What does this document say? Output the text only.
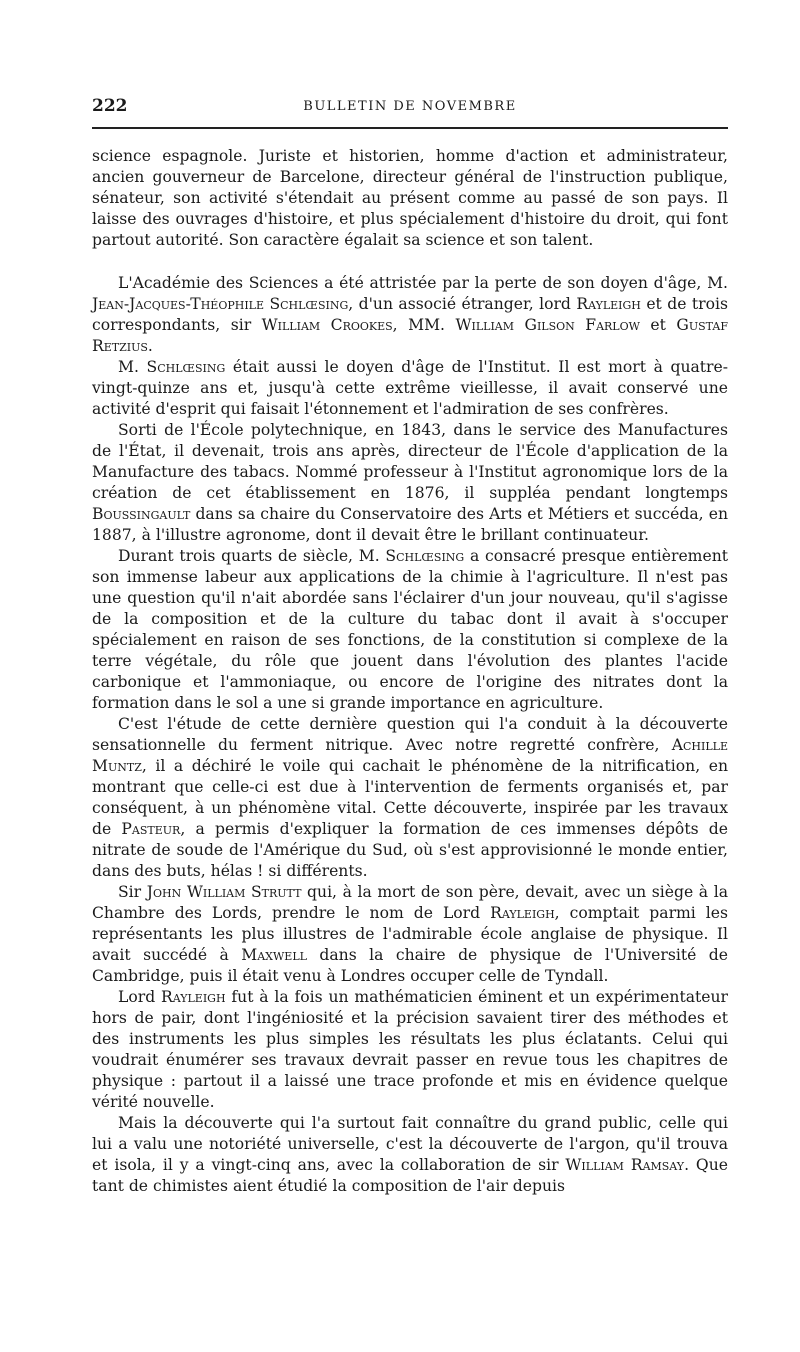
222	BULLETIN DE NOVEMBRE

science espagnole. Juriste et historien, homme d'action et administrateur, ancien gouverneur de Barcelone, directeur général de l'instruction publique, sénateur, son activité s'étendait au présent comme au passé de son pays. Il laisse des ouvrages d'histoire, et plus spécialement d'histoire du droit, qui font partout autorité. Son caractère égalait sa science et son talent.

L'Académie des Sciences a été attristée par la perte de son doyen d'âge, M. Jean-Jacques-Théophile Schlœsing, d'un associé étranger, lord Rayleigh et de trois correspondants, sir William Crookes, MM. William Gilson Farlow et Gustaf Retzius.

M. Schlœsing était aussi le doyen d'âge de l'Institut. Il est mort à quatre-vingt-quinze ans et, jusqu'à cette extrême vieillesse, il avait conservé une activité d'esprit qui faisait l'étonnement et l'admiration de ses confrères.

Sorti de l'École polytechnique, en 1843, dans le service des Manufactures de l'État, il devenait, trois ans après, directeur de l'École d'application de la Manufacture des tabacs. Nommé professeur à l'Institut agronomique lors de la création de cet établissement en 1876, il suppléa pendant longtemps Boussingault dans sa chaire du Conservatoire des Arts et Métiers et succéda, en 1887, à l'illustre agronome, dont il devait être le brillant continuateur.

Durant trois quarts de siècle, M. Schlœsing a consacré presque entièrement son immense labeur aux applications de la chimie à l'agriculture. Il n'est pas une question qu'il n'ait abordée sans l'éclairer d'un jour nouveau, qu'il s'agisse de la composition et de la culture du tabac dont il avait à s'occuper spécialement en raison de ses fonctions, de la constitution si complexe de la terre végétale, du rôle que jouent dans l'évolution des plantes l'acide carbonique et l'ammoniaque, ou encore de l'origine des nitrates dont la formation dans le sol a une si grande importance en agriculture.

C'est l'étude de cette dernière question qui l'a conduit à la découverte sensationnelle du ferment nitrique. Avec notre regretté confrère, Achille Muntz, il a déchiré le voile qui cachait le phénomène de la nitrification, en montrant que celle-ci est due à l'intervention de ferments organisés et, par conséquent, à un phénomène vital. Cette découverte, inspirée par les travaux de Pasteur, a permis d'expliquer la formation de ces immenses dépôts de nitrate de soude de l'Amérique du Sud, où s'est approvisionné le monde entier, dans des buts, hélas ! si différents.

Sir John William Strutt qui, à la mort de son père, devait, avec un siège à la Chambre des Lords, prendre le nom de Lord Rayleigh, comptait parmi les représentants les plus illustres de l'admirable école anglaise de physique. Il avait succédé à Maxwell dans la chaire de physique de l'Université de Cambridge, puis il était venu à Londres occuper celle de Tyndall.

Lord Rayleigh fut à la fois un mathématicien éminent et un expérimentateur hors de pair, dont l'ingéniosité et la précision savaient tirer des méthodes et des instruments les plus simples les résultats les plus éclatants. Celui qui voudrait énumérer ses travaux devrait passer en revue tous les chapitres de physique : partout il a laissé une trace profonde et mis en évidence quelque vérité nouvelle.

Mais la découverte qui l'a surtout fait connaître du grand public, celle qui lui a valu une notoriété universelle, c'est la découverte de l'argon, qu'il trouva et isola, il y a vingt-cinq ans, avec la collaboration de sir William Ramsay. Que tant de chimistes aient étudié la composition de l'air depuis
